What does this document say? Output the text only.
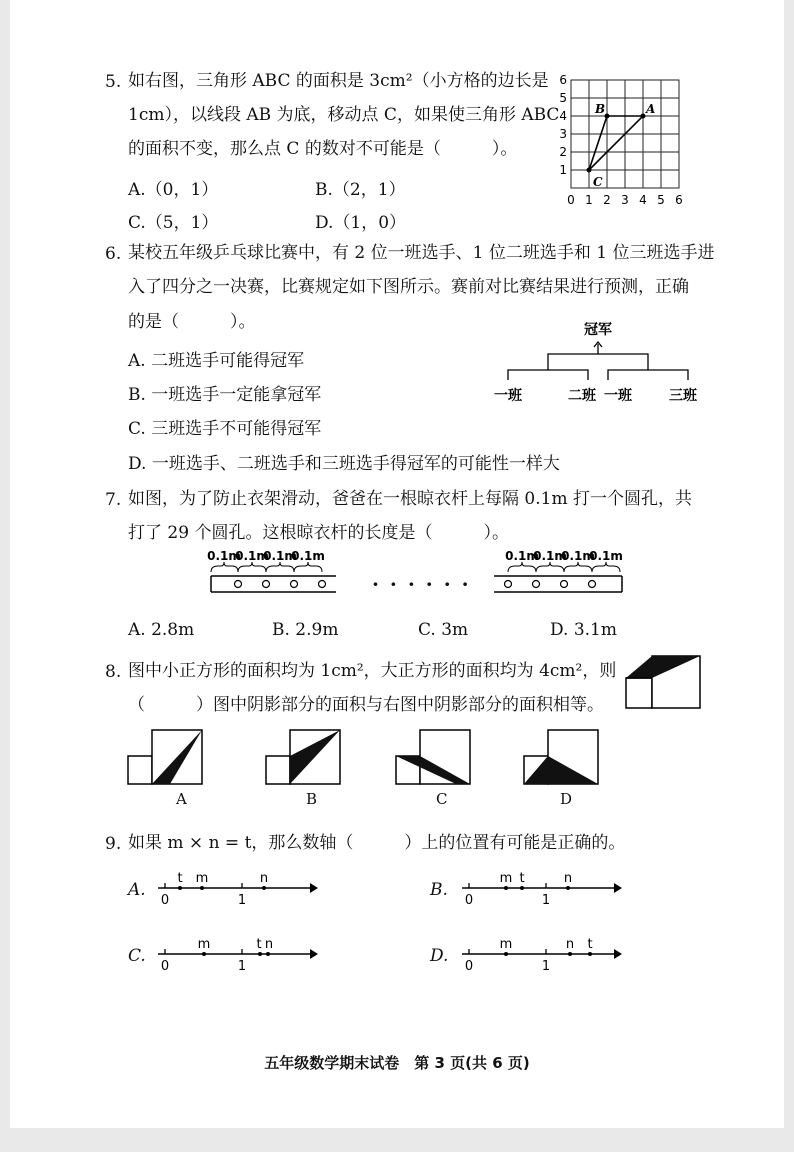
5. 如右图，三角形 ABC 的面积是 3cm²（小方格的边长是
1cm），以线段 AB 为底，移动点 C，如果使三角形 ABC
的面积不变，那么点 C 的数对不可能是（　　　）。
A.（0，1）	B.（2，1）
C.（5，1）	D.（1，0）
B	A
C
6
5
4
3
2
1
0 1 2 3 4 5 6
6. 某校五年级乒乓球比赛中，有 2 位一班选手、1 位二班选手和 1 位三班选手进
入了四分之一决赛，比赛规定如下图所示。赛前对比赛结果进行预测，正确
的是（　　　）。
A. 二班选手可能得冠军
B. 一班选手一定能拿冠军
C. 三班选手不可能得冠军
D. 一班选手、二班选手和三班选手得冠军的可能性一样大
冠军
一班	二班 一班	三班
7. 如图，为了防止衣架滑动，爸爸在一根晾衣杆上每隔 0.1m 打一个圆孔，共
打了 29 个圆孔。这根晾衣杆的长度是（　　　）。
0.1m
0.1m
0.1m
0.1m
· · · · · ·
0.1m
0.1m
0.1m
0.1m
A. 2.8m	B. 2.9m	C. 3m	D. 3.1m
8. 图中小正方形的面积均为 1cm²，大正方形的面积均为 4cm²，则
（　　　）图中阴影部分的面积与右图中阴影部分的面积相等。
A	B	C	D
9. 如果 m × n = t，那么数轴（　　　）上的位置有可能是正确的。
A.
t m	n
0	1
B.
m t	n
0	1
C.
m	t n
0	1
D.
m	n t
0	1
五年级数学期末试卷　第 3 页(共 6 页)
